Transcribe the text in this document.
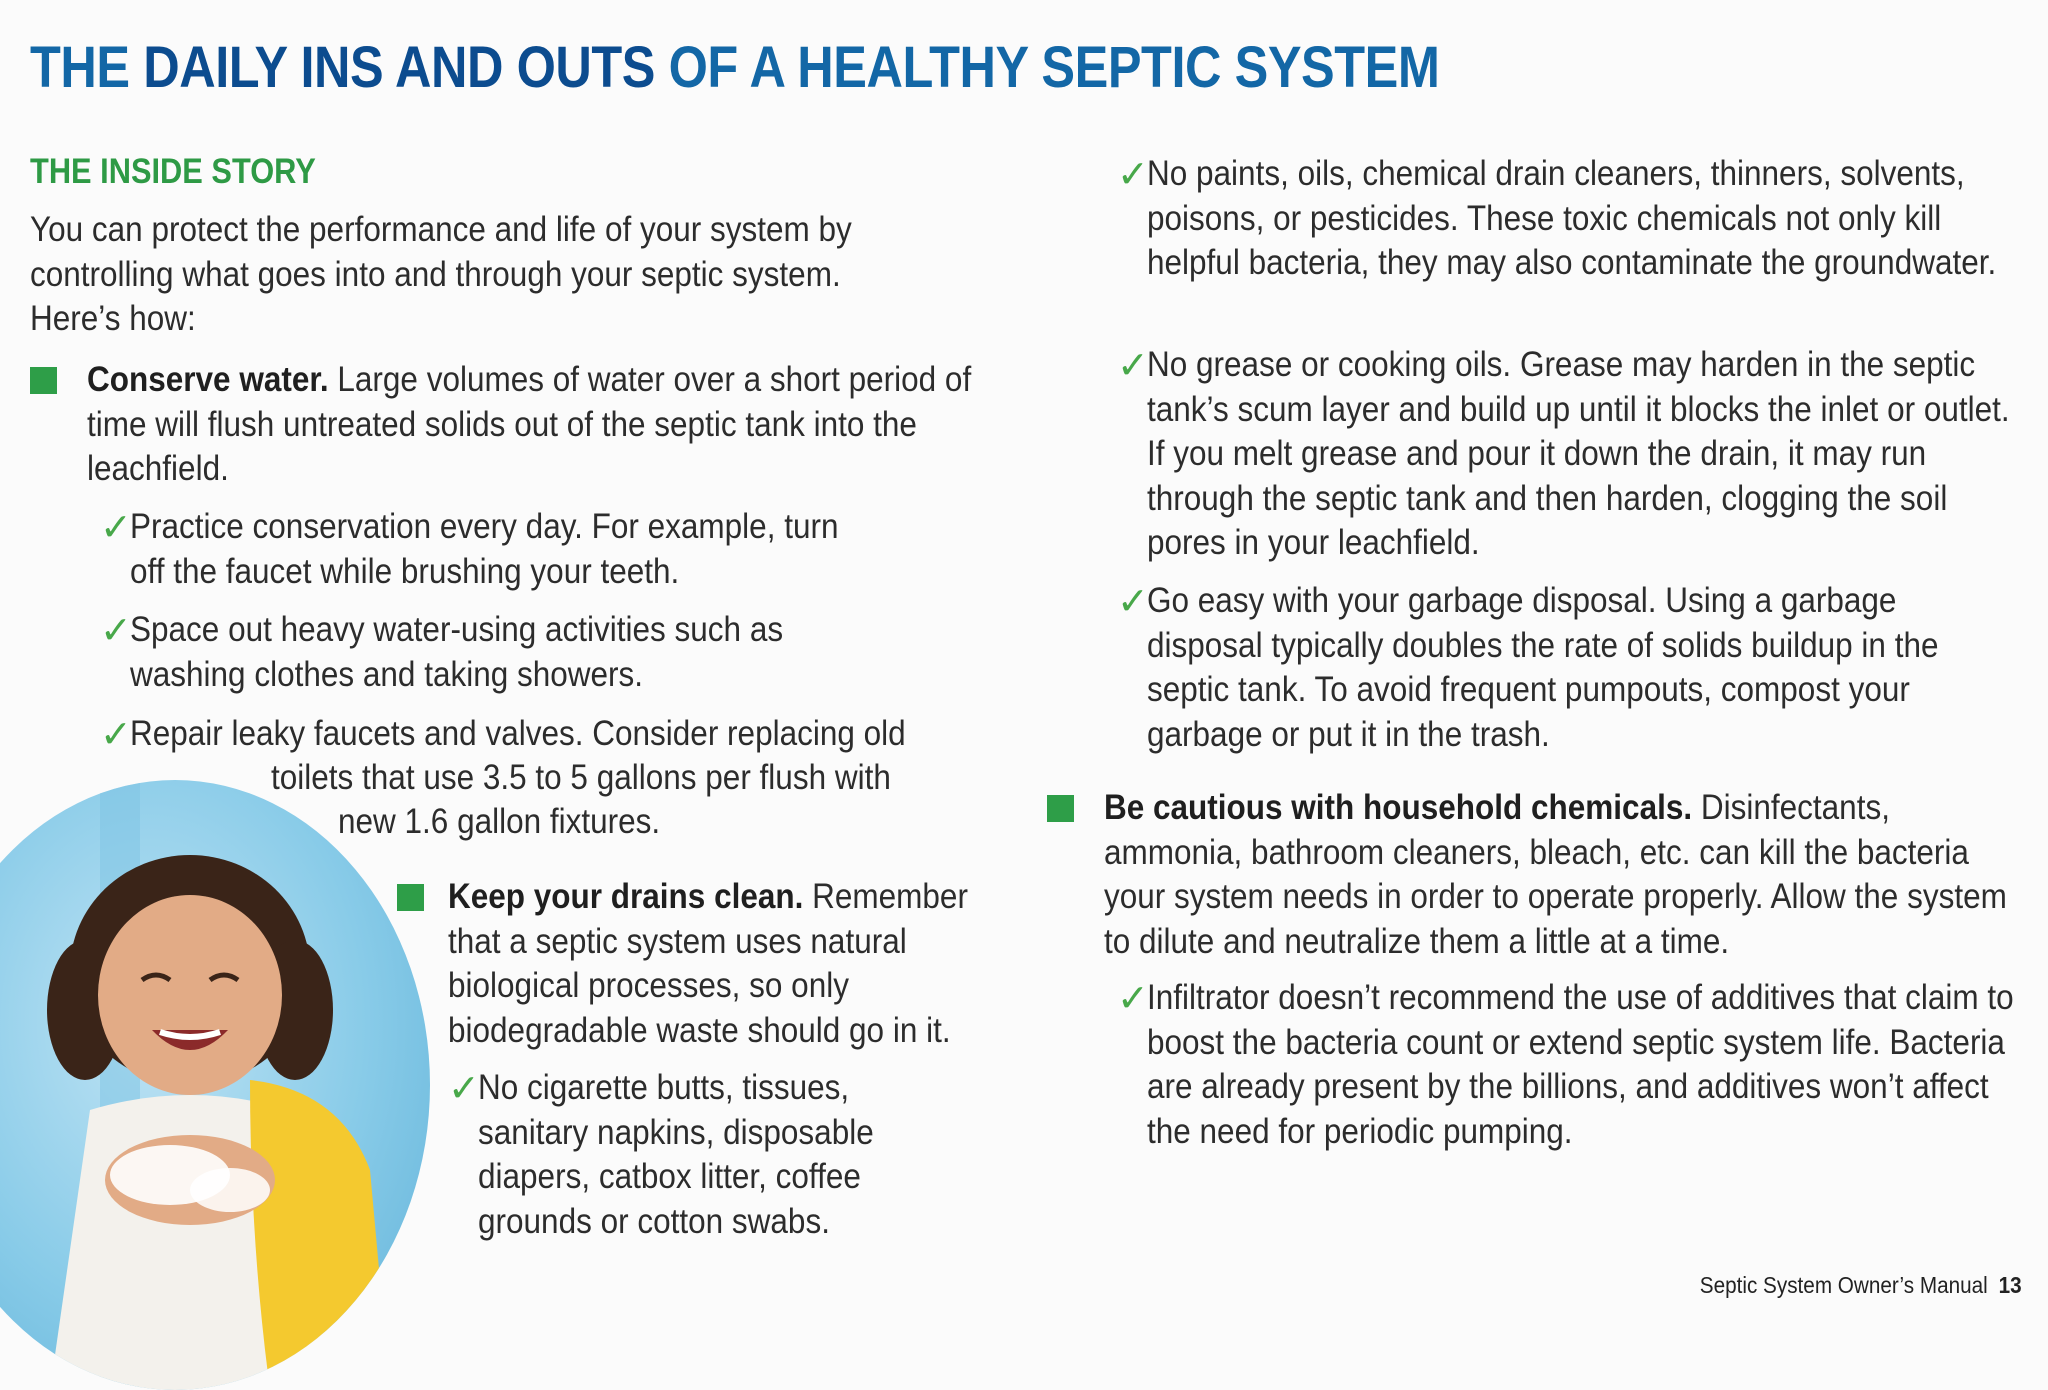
THE DAILY INS AND OUTS OF A HEALTHY SEPTIC SYSTEM
THE INSIDE STORY
You can protect the performance and life of your system by controlling what goes into and through your septic system. Here’s how:
Conserve water. Large volumes of water over a short period of time will flush untreated solids out of the septic tank into the leachfield.
✓
Practice conservation every day. For example, turn off the faucet while brushing your teeth.
✓
Space out heavy water-using activities such as washing clothes and taking showers.
✓
Repair leaky faucets and valves. Consider replacing old
toilets that use 3.5 to 5 gallons per flush with
new 1.6 gallon fixtures.
Keep your drains clean. Remember that a septic system uses natural biological processes, so only biodegradable waste should go in it.
✓
No cigarette butts, tissues, sanitary napkins, disposable diapers, catbox litter, coffee grounds or cotton swabs.
✓
No paints, oils, chemical drain cleaners, thinners, solvents, poisons, or pesticides. These toxic chemicals not only kill helpful bacteria, they may also contaminate the groundwater.
✓
No grease or cooking oils. Grease may harden in the septic tank’s scum layer and build up until it blocks the inlet or outlet. If you melt grease and pour it down the drain, it may run through the septic tank and then harden, clogging the soil pores in your leachfield.
✓
Go easy with your garbage disposal. Using a garbage disposal typically doubles the rate of solids buildup in the septic tank. To avoid frequent pumpouts, compost your garbage or put it in the trash.
Be cautious with household chemicals. Disinfectants, ammonia, bathroom cleaners, bleach, etc. can kill the bacteria your system needs in order to operate properly. Allow the system to dilute and neutralize them a little at a time.
✓
Infiltrator doesn’t recommend the use of additives that claim to boost the bacteria count or extend septic system life. Bacteria are already present by the billions, and additives won’t affect the need for periodic pumping.
Septic System Owner’s Manual 13
